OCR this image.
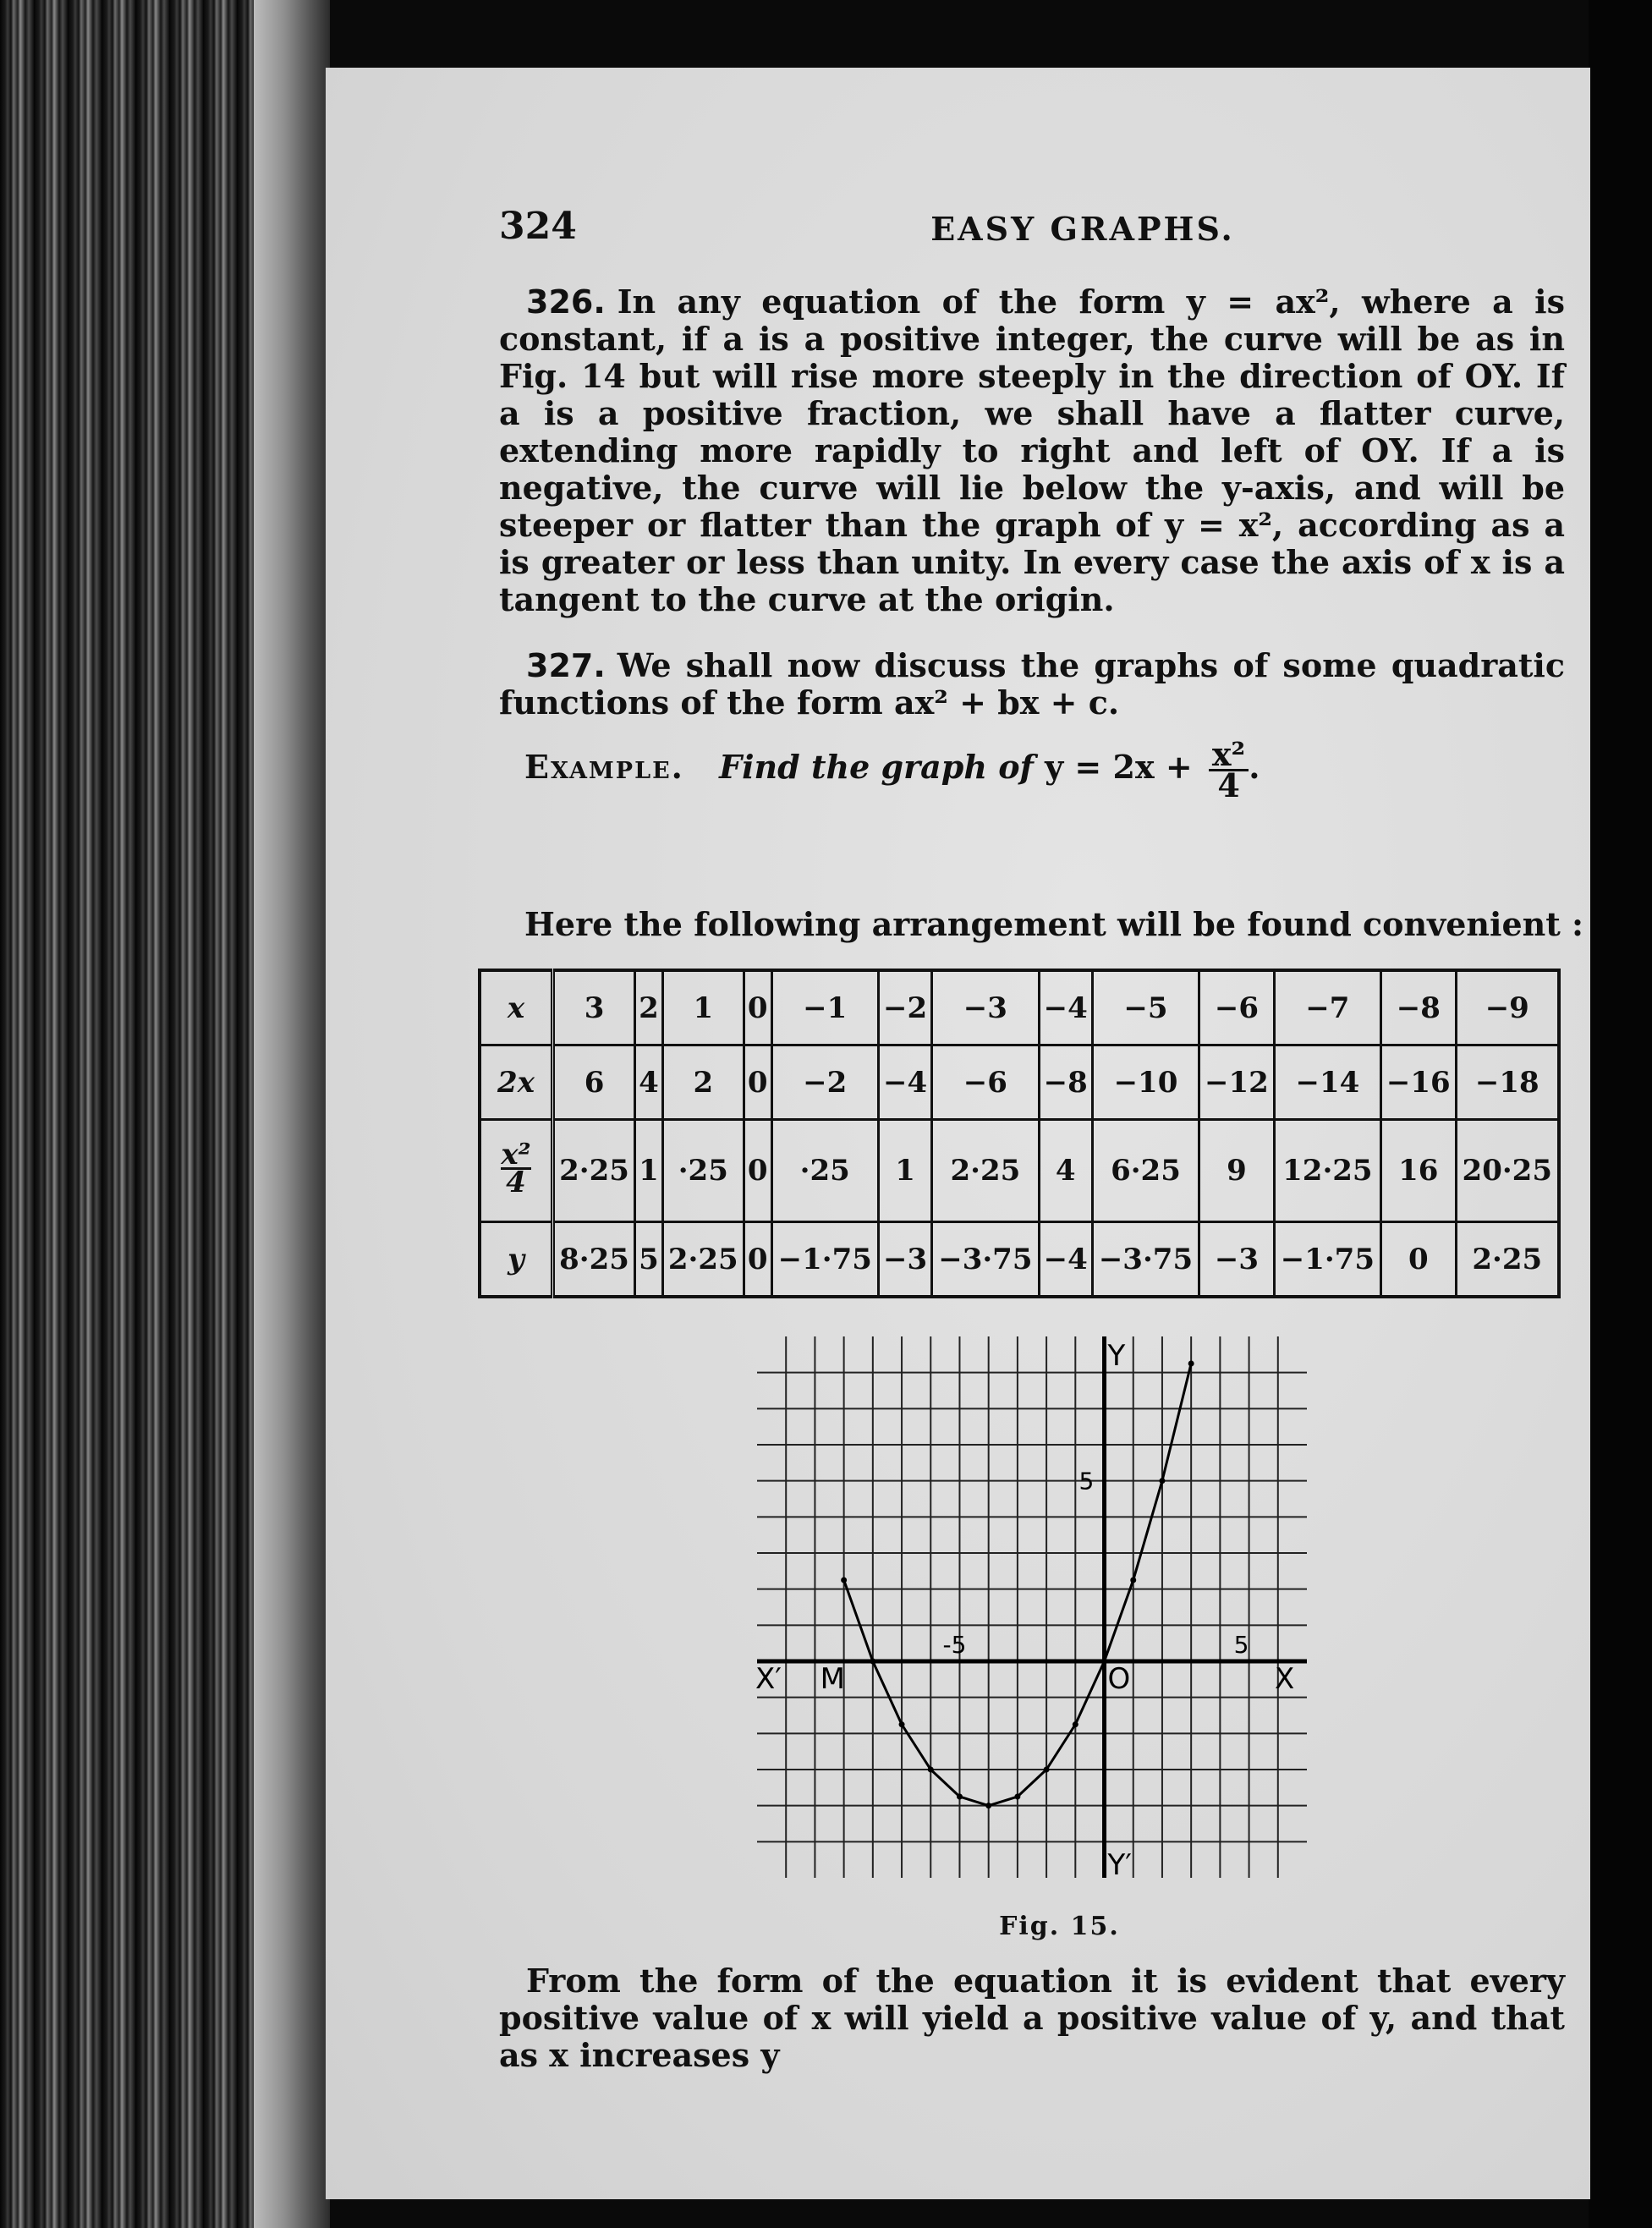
324	EASY GRAPHS.
326. In any equation of the form y = ax², where a is constant, if a is a positive integer, the curve will be as in Fig. 14 but will rise more steeply in the direction of OY. If a is a positive fraction, we shall have a flatter curve, extending more rapidly to right and left of OY. If a is negative, the curve will lie below the y-axis, and will be steeper or flatter than the graph of y = x², according as a is greater or less than unity. In every case the axis of x is a tangent to the curve at the origin.
327. We shall now discuss the graphs of some quadratic functions of the form ax² + bx + c.
Example. Find the graph of $y = 2x + \frac{\text{x²}}{4}$ .
Here the following arrangement will be found convenient :
x	3	2	1	0	−1	−2	−3	−4	−5	−6	−7	−8	−9
2x	6	4	2	0	−2	−4	−6	−8	−10	−12	−14	−16	−18

$\frac{\text{x²}}{4}$	2·25	1	·25	0	·25	1	2·25	4	6·25	9	12·25	16	20·25
y	8·25	5	2·25	0	−1·75	−3	−3·75	−4	−3·75	−3	−1·75	0	2·25
Y
Y′
X′	X
O
M
5
-5	5
Fig. 15.
From the form of the equation it is evident that every positive value of x will yield a positive value of y, and that as x increases y
